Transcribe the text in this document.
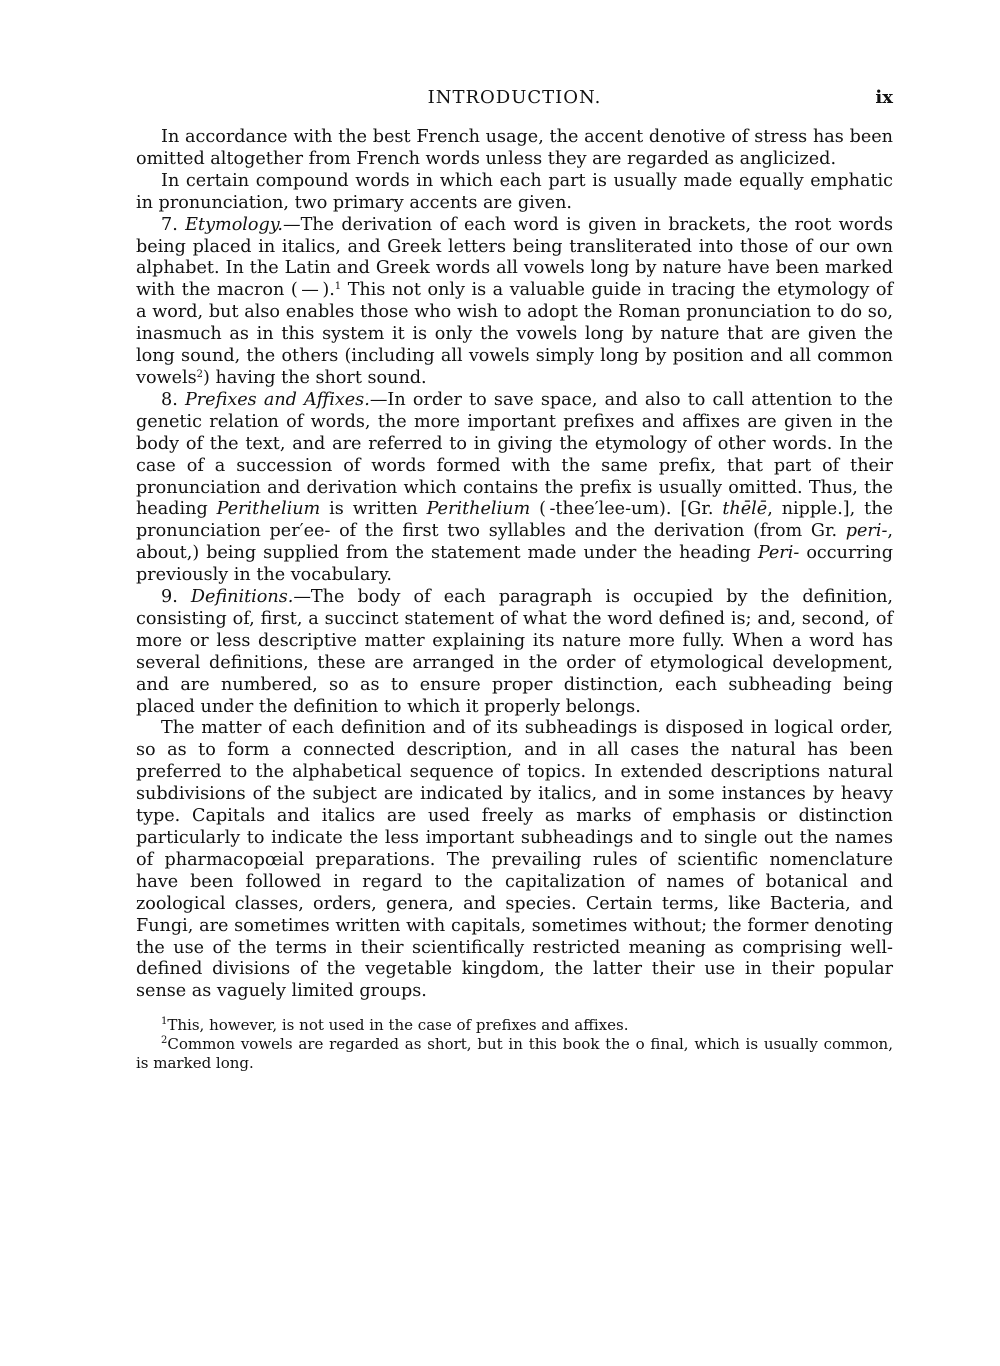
INTRODUCTION.	ix

In accordance with the best French usage, the accent denotive of stress has been omitted altogether from French words unless they are regarded as anglicized.

In certain compound words in which each part is usually made equally emphatic in pronunciation, two primary accents are given.

7. Etymology.—The derivation of each word is given in brackets, the root words being placed in italics, and Greek letters being transliterated into those of our own alphabet. In the Latin and Greek words all vowels long by nature have been marked with the macron ( — ).$^1$ This not only is a valuable guide in tracing the etymology of a word, but also enables those who wish to adopt the Roman pronunciation to do so, inasmuch as in this system it is only the vowels long by nature that are given the long sound, the others (including all vowels simply long by position and all common vowels$^2$) having the short sound.

8. Prefixes and Affixes.—In order to save space, and also to call attention to the genetic relation of words, the more important prefixes and affixes are given in the body of the text, and are referred to in giving the etymology of other words. In the case of a succession of words formed with the same prefix, that part of their pronunciation and derivation which contains the prefix is usually omitted. Thus, the heading Perithelium is written Perithelium ( -thee′lee-um). [Gr. thēlē, nipple.], the pronunciation per′ee- of the first two syllables and the derivation (from Gr. peri-, about,) being supplied from the statement made under the heading Peri- occurring previously in the vocabulary.

9. Definitions.—The body of each paragraph is occupied by the definition, consisting of, first, a succinct statement of what the word defined is; and, second, of more or less descriptive matter explaining its nature more fully. When a word has several definitions, these are arranged in the order of etymological development, and are numbered, so as to ensure proper distinction, each subheading being placed under the definition to which it properly belongs.

The matter of each definition and of its subheadings is disposed in logical order, so as to form a connected description, and in all cases the natural has been preferred to the alphabetical sequence of topics. In extended descriptions natural subdivisions of the subject are indicated by italics, and in some instances by heavy type. Capitals and italics are used freely as marks of emphasis or distinction particularly to indicate the less important subheadings and to single out the names of pharmacopœial preparations. The prevailing rules of scientific nomenclature have been followed in regard to the capitalization of names of botanical and zoological classes, orders, genera, and species. Certain terms, like Bacteria, and Fungi, are sometimes written with capitals, sometimes without; the former denoting the use of the terms in their scientifically restricted meaning as comprising well-defined divisions of the vegetable kingdom, the latter their use in their popular sense as vaguely limited groups.

$^1$This, however, is not used in the case of prefixes and affixes.

$^2$Common vowels are regarded as short, but in this book the o final, which is usually common, is marked long.
